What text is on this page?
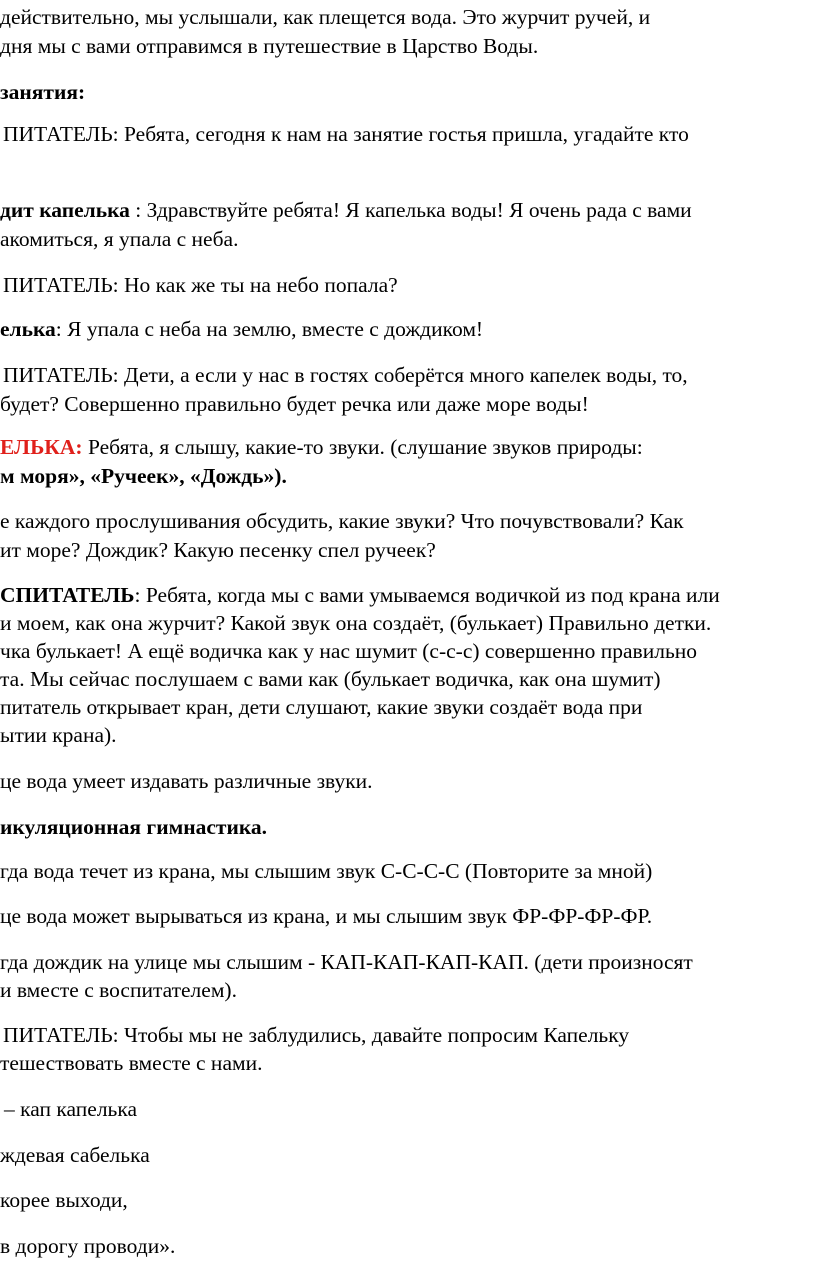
действительно, мы услышали, как плещется вода. Это журчит ручей, и
дня мы с вами отправимся в путешествие в Царство Воды.
занятия:
ПИТАТЕЛЬ: Ребята, сегодня к нам на занятие гостья пришла, угадайте кто
дит капелька : Здравствуйте ребята! Я капелька воды! Я очень рада с вами
акомиться, я упала с неба.
ПИТАТЕЛЬ: Но как же ты на небо попала?
елька: Я упала с неба на землю, вместе с дождиком!
ПИТАТЕЛЬ: Дети, а если у нас в гостях соберётся много капелек воды, то,
будет? Совершенно правильно будет речка или даже море воды!
ЕЛЬКА: Ребята, я слышу, какие-то звуки. (слушание звуков природы:
м моря», «Ручеек», «Дождь»).
е каждого прослушивания обсудить, какие звуки? Что почувствовали? Как
ит море? Дождик? Какую песенку спел ручеек?
СПИТАТЕЛЬ: Ребята, когда мы с вами умываемся водичкой из под крана или
и моем, как она журчит? Какой звук она создаёт, (булькает) Правильно детки.
чка булькает! А ещё водичка как у нас шумит (с-с-с) совершенно правильно
та. Мы сейчас послушаем с вами как (булькает водичка, как она шумит)
питатель открывает кран, дети слушают, какие звуки создаёт вода при
ытии крана).
це вода умеет издавать различные звуки.
икуляционная гимнастика.
гда вода течет из крана, мы слышим звук С-С-С-С (Повторите за мной)
це вода может вырываться из крана, и мы слышим звук ФР-ФР-ФР-ФР.
гда дождик на улице мы слышим - КАП-КАП-КАП-КАП. (дети произносят
и вместе с воспитателем).
ПИТАТЕЛЬ: Чтобы мы не заблудились, давайте попросим Капельку
тешествовать вместе с нами.
– кап капелька
ждевая сабелька
корее выходи,
в дорогу проводи».
